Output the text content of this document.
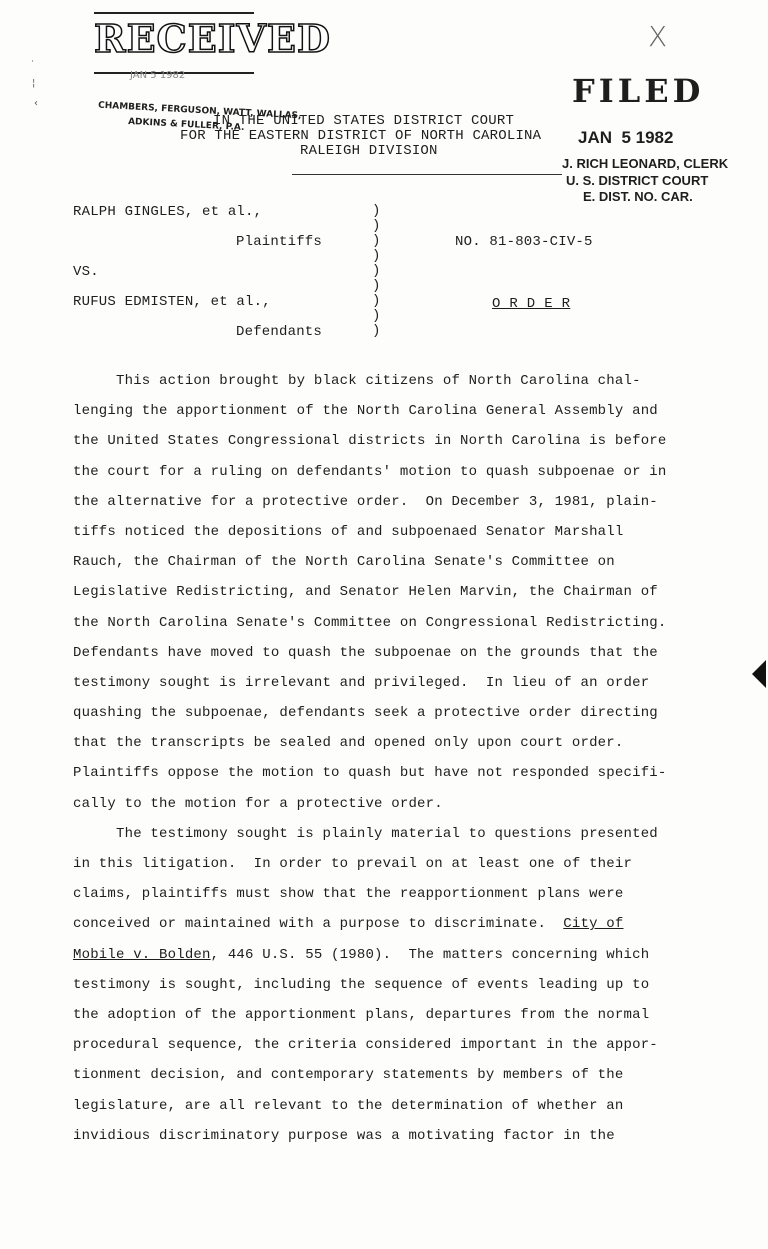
RECEIVED
JAN 5 1982
CHAMBERS, FERGUSON, WATT, WALLAS,
ADKINS & FULLER, P.A.
X
FILED
JAN  5 1982
J. RICH LEONARD, CLERK
U. S. DISTRICT COURT
E. DIST. NO. CAR.
IN THE UNITED STATES DISTRICT COURT
FOR THE EASTERN DISTRICT OF NORTH CAROLINA
RALEIGH DIVISION
RALPH GINGLES, et al.,
Plaintiffs
VS.
RUFUS EDMISTEN, et al.,
Defendants
)
)
)
)
)
)
)
)
)
NO. 81-803-CIV-5
O R D E R
This action brought by black citizens of North Carolina chal-
lenging the apportionment of the North Carolina General Assembly and
the United States Congressional districts in North Carolina is before
the court for a ruling on defendants' motion to quash subpoenae or in
the alternative for a protective order.  On December 3, 1981, plain-
tiffs noticed the depositions of and subpoenaed Senator Marshall
Rauch, the Chairman of the North Carolina Senate's Committee on
Legislative Redistricting, and Senator Helen Marvin, the Chairman of
the North Carolina Senate's Committee on Congressional Redistricting.
Defendants have moved to quash the subpoenae on the grounds that the
testimony sought is irrelevant and privileged.  In lieu of an order
quashing the subpoenae, defendants seek a protective order directing
that the transcripts be sealed and opened only upon court order.
Plaintiffs oppose the motion to quash but have not responded specifi-
cally to the motion for a protective order.
The testimony sought is plainly material to questions presented
in this litigation.  In order to prevail on at least one of their
claims, plaintiffs must show that the reapportionment plans were
conceived or maintained with a purpose to discriminate. City of
Mobile v. Bolden, 446 U.S. 55 (1980).  The matters concerning which
testimony is sought, including the sequence of events leading up to
the adoption of the apportionment plans, departures from the normal
procedural sequence, the criteria considered important in the appor-
tionment decision, and contemporary statements by members of the
legislature, are all relevant to the determination of whether an
invidious discriminatory purpose was a motivating factor in the
˙
¦
‹
